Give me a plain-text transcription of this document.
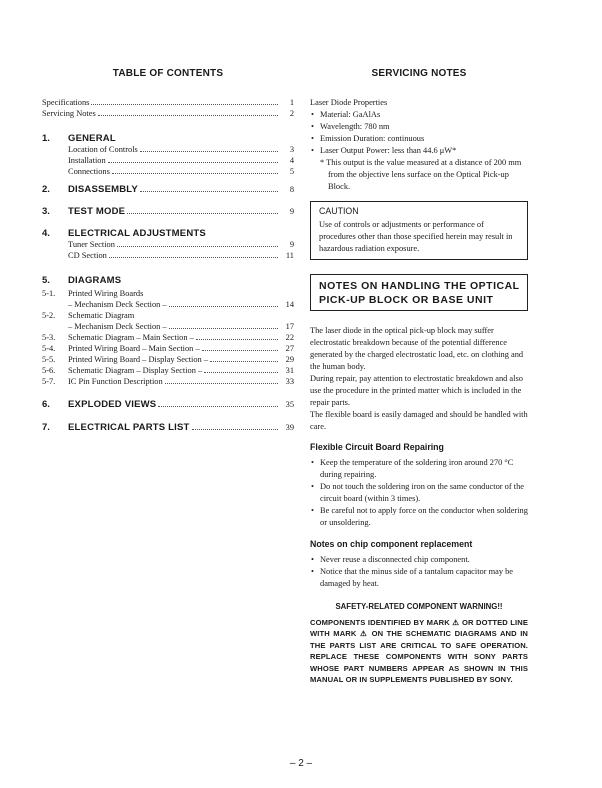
TABLE OF CONTENTS
Specifications	1
Servicing Notes	2
1.	GENERAL
Location of Controls	3
Installation	4
Connections	5
2.	DISASSEMBLY	8
3.	TEST MODE	9
4.	ELECTRICAL ADJUSTMENTS
Tuner Section	9
CD Section	11
5.	DIAGRAMS
5-1.	Printed Wiring Boards
– Mechanism Deck Section –	14
5-2.	Schematic Diagram
– Mechanism Deck Section –	17
5-3.	Schematic Diagram – Main Section –	22
5-4.	Printed Wiring Board – Main Section –	27
5-5.	Printed Wiring Board – Display Section –	29
5-6.	Schematic Diagram – Display Section –	31
5-7.	IC Pin Function Description	33
6.	EXPLODED VIEWS	35
7.	ELECTRICAL PARTS LIST	39
SERVICING NOTES

Laser Diode Properties

• Material: GaAlAs
• Wavelength: 780 nm
• Emission Duration: continuous
• Laser Output Power: less than 44.6 μW*

* This output is the value measured at a distance of 200 mm from the objective lens surface on the Optical Pick-up Block.

CAUTION

Use of controls or adjustments or performance of procedures other than those specified herein may result in hazardous radiation exposure.

NOTES ON HANDLING THE OPTICAL
PICK-UP BLOCK OR BASE UNIT

The laser diode in the optical pick-up block may suffer electrostatic breakdown because of the potential difference generated by the charged electrostatic load, etc. on clothing and the human body.

During repair, pay attention to electrostatic breakdown and also use the procedure in the printed matter which is included in the repair parts.

The flexible board is easily damaged and should be handled with care.

Flexible Circuit Board Repairing

• Keep the temperature of the soldering iron around 270 °C during repairing.
• Do not touch the soldering iron on the same conductor of the circuit board (within 3 times).
• Be careful not to apply force on the conductor when soldering or unsoldering.

Notes on chip component replacement

• Never reuse a disconnected chip component.
• Notice that the minus side of a tantalum capacitor may be damaged by heat.

SAFETY-RELATED COMPONENT WARNING!!

COMPONENTS IDENTIFIED BY MARK ⚠ OR DOTTED LINE WITH MARK ⚠ ON THE SCHEMATIC DIAGRAMS AND IN THE PARTS LIST ARE CRITICAL TO SAFE OPERATION. REPLACE THESE COMPONENTS WITH SONY PARTS WHOSE PART NUMBERS APPEAR AS SHOWN IN THIS MANUAL OR IN SUPPLEMENTS PUBLISHED BY SONY.

– 2 –
